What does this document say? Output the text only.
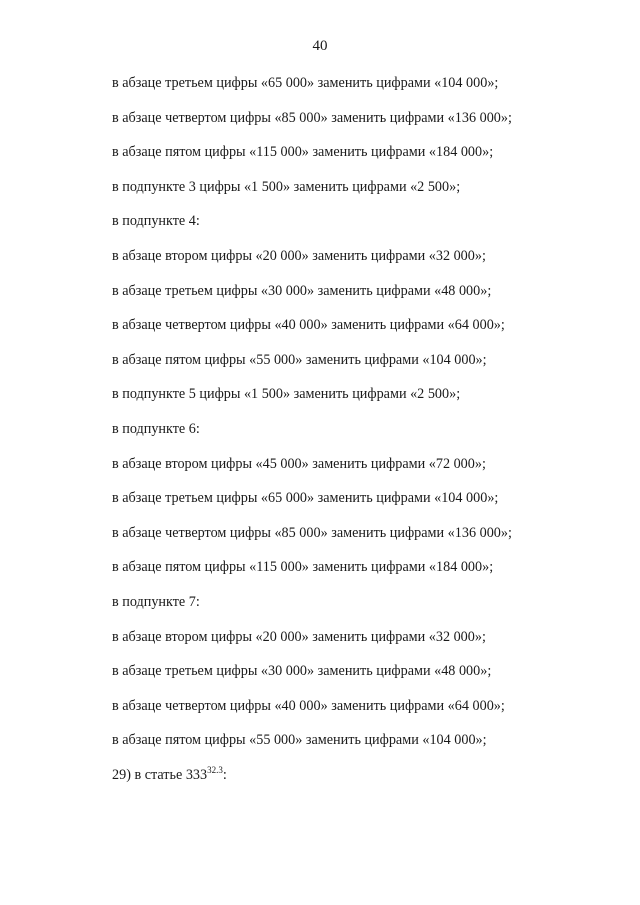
40
в абзаце третьем цифры «65 000» заменить цифрами «104 000»;
в абзаце четвертом цифры «85 000» заменить цифрами «136 000»;
в абзаце пятом цифры «115 000» заменить цифрами «184 000»;
в подпункте 3 цифры «1 500» заменить цифрами «2 500»;
в подпункте 4:
в абзаце втором цифры «20 000» заменить цифрами «32 000»;
в абзаце третьем цифры «30 000» заменить цифрами «48 000»;
в абзаце четвертом цифры «40 000» заменить цифрами «64 000»;
в абзаце пятом цифры «55 000» заменить цифрами «104 000»;
в подпункте 5 цифры «1 500» заменить цифрами «2 500»;
в подпункте 6:
в абзаце втором цифры «45 000» заменить цифрами «72 000»;
в абзаце третьем цифры «65 000» заменить цифрами «104 000»;
в абзаце четвертом цифры «85 000» заменить цифрами «136 000»;
в абзаце пятом цифры «115 000» заменить цифрами «184 000»;
в подпункте 7:
в абзаце втором цифры «20 000» заменить цифрами «32 000»;
в абзаце третьем цифры «30 000» заменить цифрами «48 000»;
в абзаце четвертом цифры «40 000» заменить цифрами «64 000»;
в абзаце пятом цифры «55 000» заменить цифрами «104 000»;
29) в статье $333^{32.3}$:
